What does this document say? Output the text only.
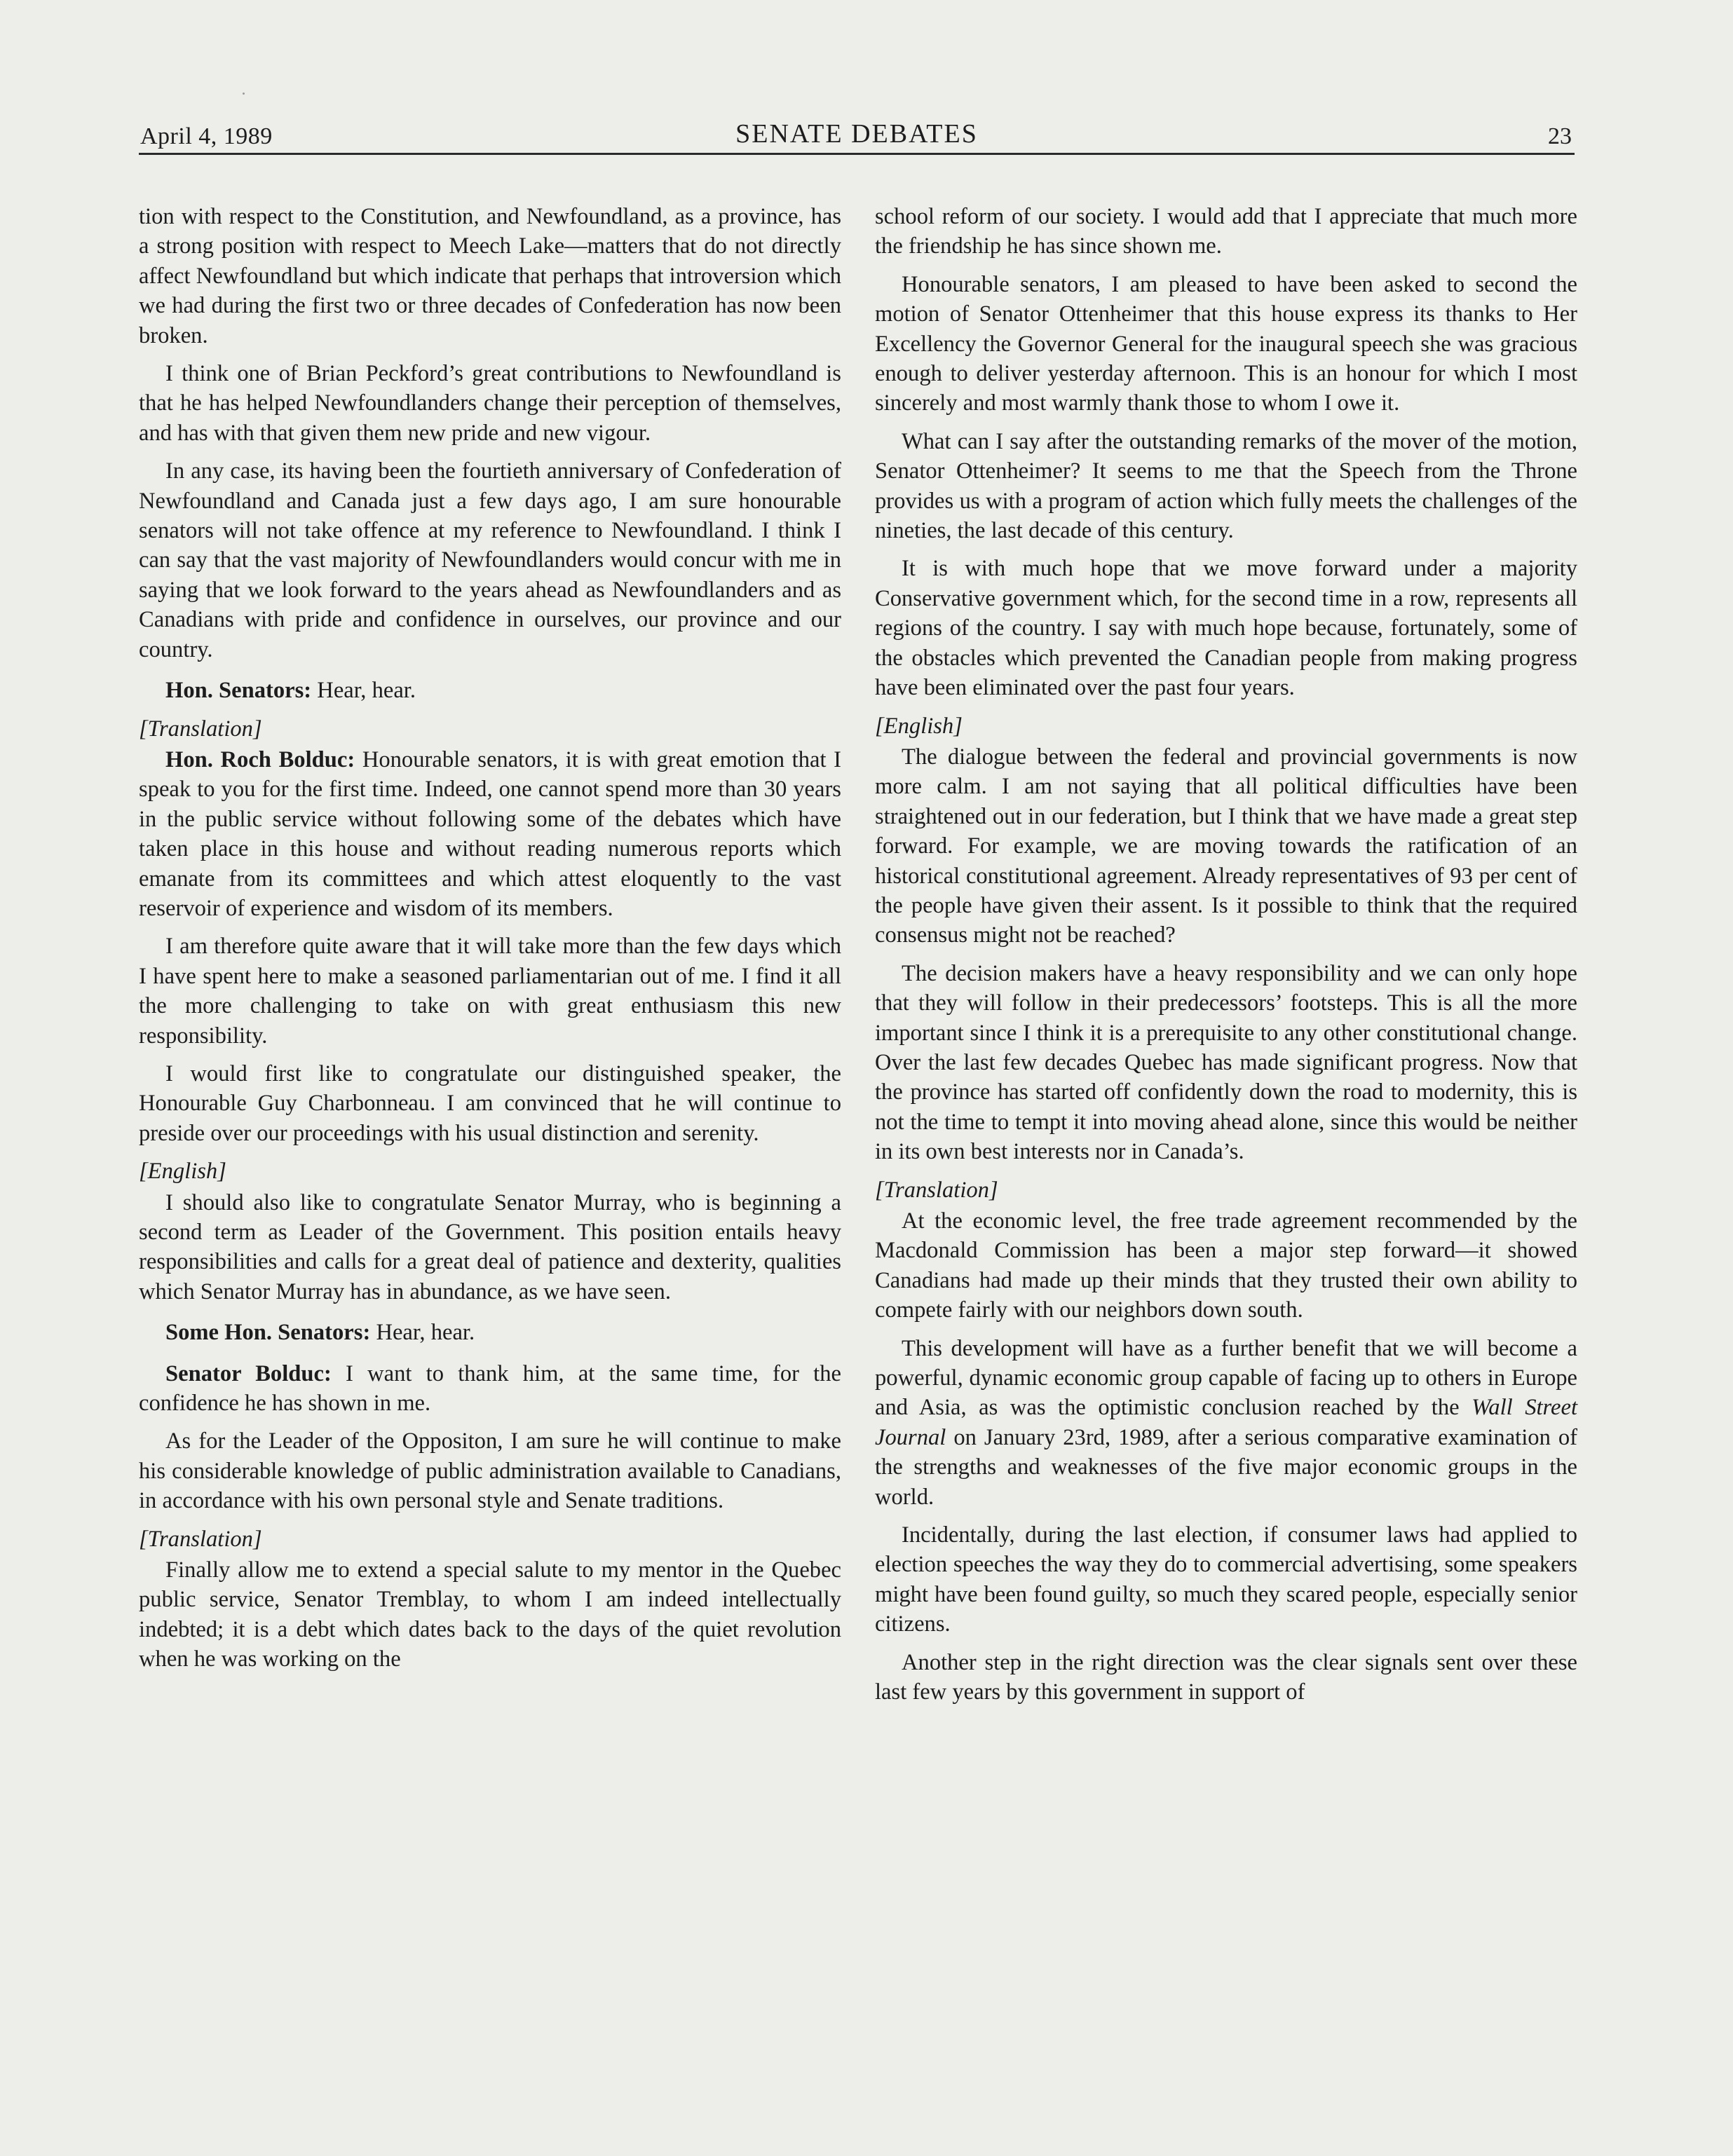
April 4, 1989	SENATE DEBATES	23

tion with respect to the Constitution, and Newfoundland, as a province, has a strong position with respect to Meech Lake—matters that do not directly affect Newfoundland but which indicate that perhaps that introversion which we had during the first two or three decades of Confederation has now been broken.

I think one of Brian Peckford’s great contributions to Newfoundland is that he has helped Newfoundlanders change their perception of themselves, and has with that given them new pride and new vigour.

In any case, its having been the fourtieth anniversary of Confederation of Newfoundland and Canada just a few days ago, I am sure honourable senators will not take offence at my reference to Newfoundland. I think I can say that the vast majority of Newfoundlanders would concur with me in saying that we look forward to the years ahead as Newfoundlanders and as Canadians with pride and confidence in ourselves, our province and our country.

Hon. Senators: Hear, hear.

[Translation]

Hon. Roch Bolduc: Honourable senators, it is with great emotion that I speak to you for the first time. Indeed, one cannot spend more than 30 years in the public service without following some of the debates which have taken place in this house and without reading numerous reports which emanate from its committees and which attest eloquently to the vast reservoir of experience and wisdom of its members.

I am therefore quite aware that it will take more than the few days which I have spent here to make a seasoned parliamentarian out of me. I find it all the more challenging to take on with great enthusiasm this new responsibility.

I would first like to congratulate our distinguished speaker, the Honourable Guy Charbonneau. I am convinced that he will continue to preside over our proceedings with his usual distinction and serenity.

[English]

I should also like to congratulate Senator Murray, who is beginning a second term as Leader of the Government. This position entails heavy responsibilities and calls for a great deal of patience and dexterity, qualities which Senator Murray has in abundance, as we have seen.

Some Hon. Senators: Hear, hear.

Senator Bolduc: I want to thank him, at the same time, for the confidence he has shown in me.

As for the Leader of the Oppositon, I am sure he will continue to make his considerable knowledge of public administration available to Canadians, in accordance with his own personal style and Senate traditions.

[Translation]

Finally allow me to extend a special salute to my mentor in the Quebec public service, Senator Tremblay, to whom I am indeed intellectually indebted; it is a debt which dates back to the days of the quiet revolution when he was working on the

school reform of our society. I would add that I appreciate that much more the friendship he has since shown me.

Honourable senators, I am pleased to have been asked to second the motion of Senator Ottenheimer that this house express its thanks to Her Excellency the Governor General for the inaugural speech she was gracious enough to deliver yesterday afternoon. This is an honour for which I most sincerely and most warmly thank those to whom I owe it.

What can I say after the outstanding remarks of the mover of the motion, Senator Ottenheimer? It seems to me that the Speech from the Throne provides us with a program of action which fully meets the challenges of the nineties, the last decade of this century.

It is with much hope that we move forward under a majority Conservative government which, for the second time in a row, represents all regions of the country. I say with much hope because, fortunately, some of the obstacles which prevented the Canadian people from making progress have been eliminated over the past four years.

[English]

The dialogue between the federal and provincial governments is now more calm. I am not saying that all political difficulties have been straightened out in our federation, but I think that we have made a great step forward. For example, we are moving towards the ratification of an historical constitutional agreement. Already representatives of 93 per cent of the people have given their assent. Is it possible to think that the required consensus might not be reached?

The decision makers have a heavy responsibility and we can only hope that they will follow in their predecessors’ footsteps. This is all the more important since I think it is a prerequisite to any other constitutional change. Over the last few decades Quebec has made significant progress. Now that the province has started off confidently down the road to modernity, this is not the time to tempt it into moving ahead alone, since this would be neither in its own best interests nor in Canada’s.

[Translation]

At the economic level, the free trade agreement recommended by the Macdonald Commission has been a major step forward—it showed Canadians had made up their minds that they trusted their own ability to compete fairly with our neighbors down south.

This development will have as a further benefit that we will become a powerful, dynamic economic group capable of facing up to others in Europe and Asia, as was the optimistic conclusion reached by the Wall Street Journal on January 23rd, 1989, after a serious comparative examination of the strengths and weaknesses of the five major economic groups in the world.

Incidentally, during the last election, if consumer laws had applied to election speeches the way they do to commercial advertising, some speakers might have been found guilty, so much they scared people, especially senior citizens.

Another step in the right direction was the clear signals sent over these last few years by this government in support of
